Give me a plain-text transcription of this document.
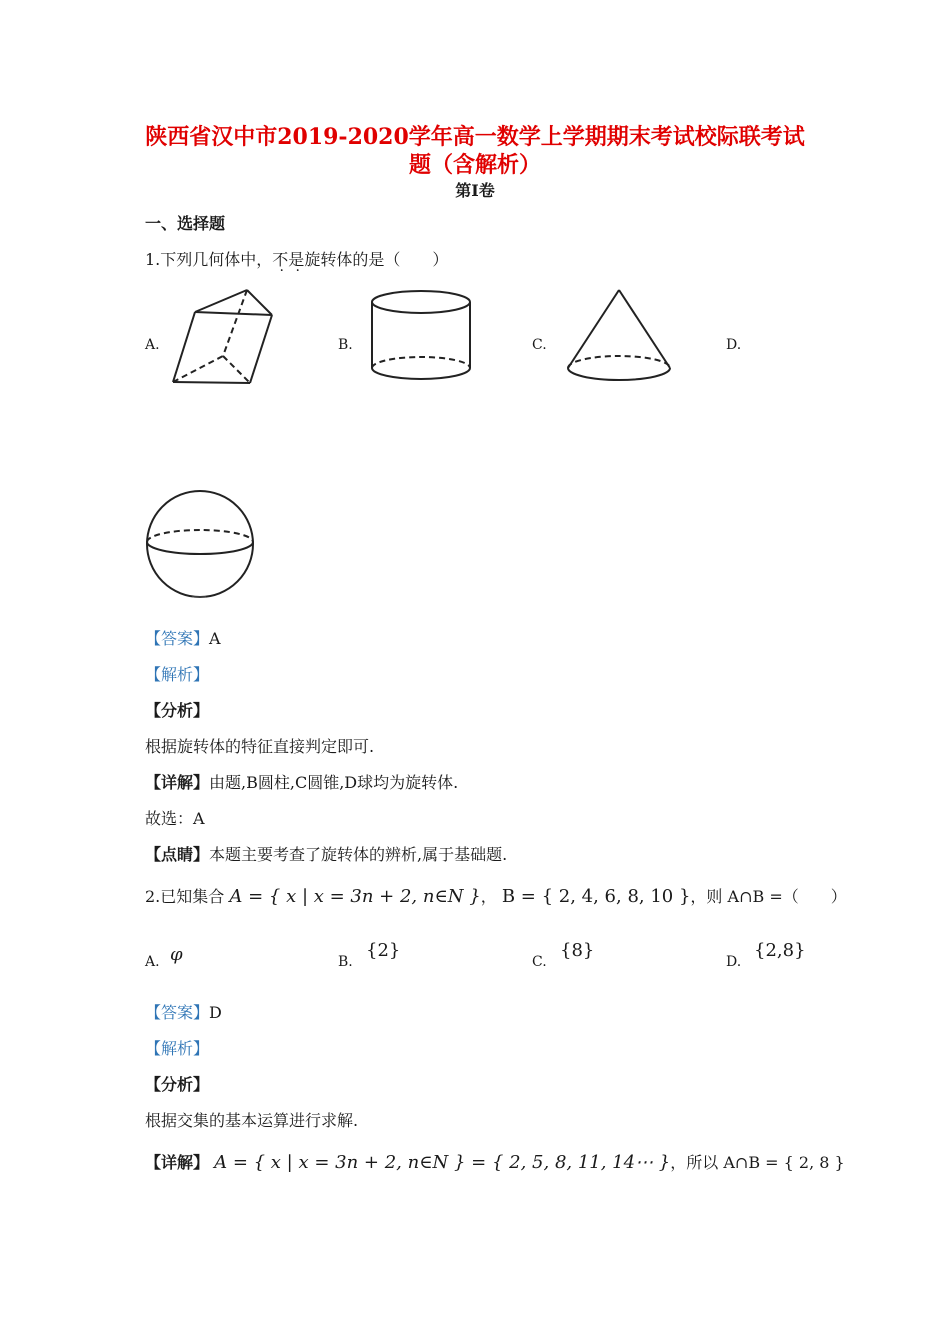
陕西省汉中市2019-2020学年高一数学上学期期末考试校际联考试
题（含解析）
第Ⅰ卷
一、选择题
1.下列几何体中，不是旋转体的是（　　）
A.	B.	C.	D.
【答案】A
【解析】
【分析】
根据旋转体的特征直接判定即可.
【详解】由题,B圆柱,C圆锥,D球均为旋转体.
故选：A
【点睛】本题主要考查了旋转体的辨析,属于基础题.
2.已知集合 A = { x | x = 3n + 2, n∈N }， B = { 2, 4, 6, 8, 10 }，则 A∩B =（　　）
A. φ	B.
{2}
C.
{8}
D.
{2,8}
【答案】D
【解析】
【分析】
根据交集的基本运算进行求解.
【详解】 A = { x | x = 3n + 2, n∈N } = { 2, 5, 8, 11, 14⋯ }，所以 A∩B = { 2, 8 }
